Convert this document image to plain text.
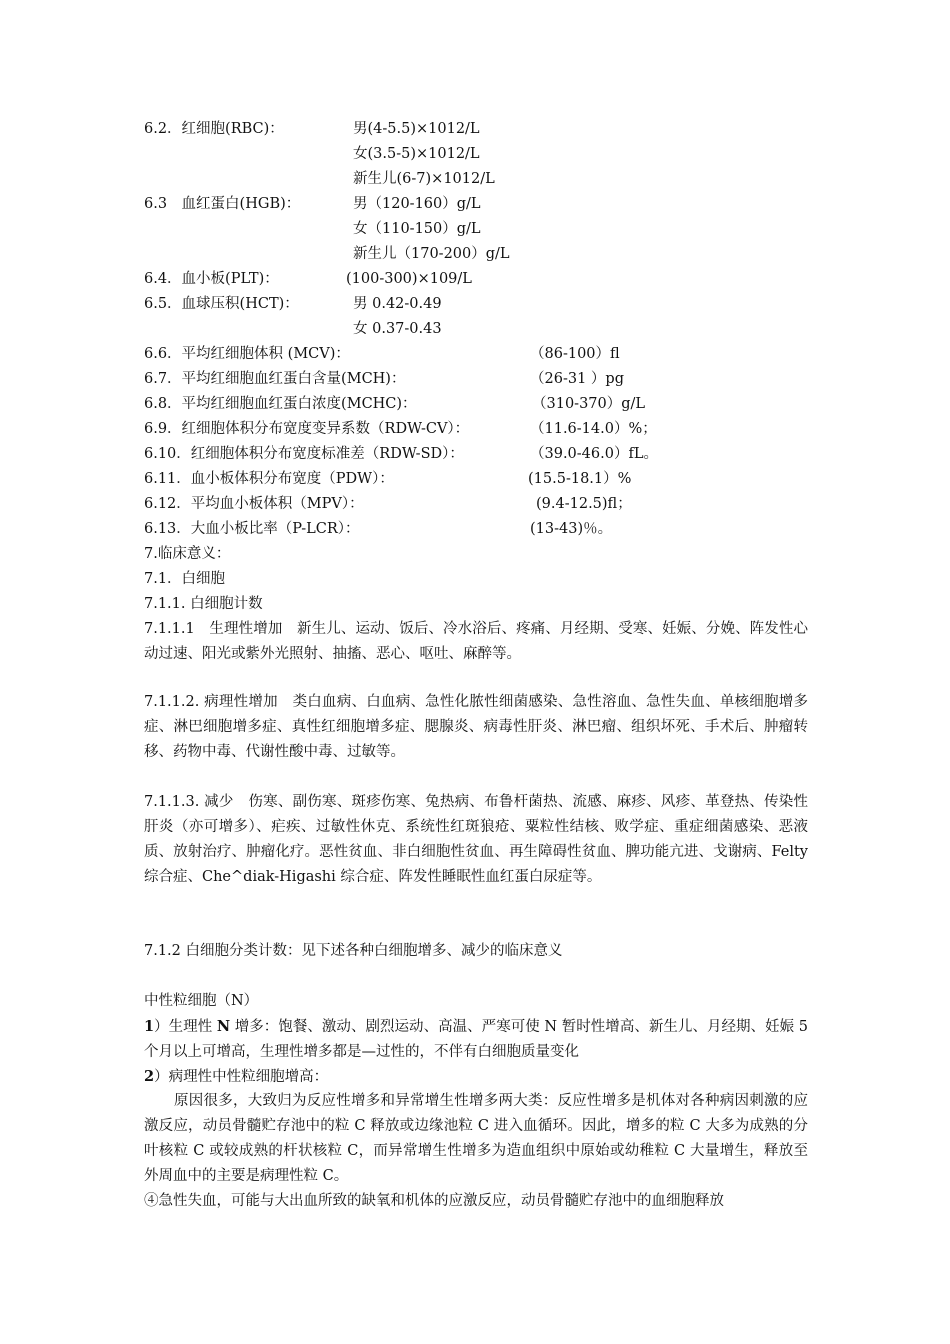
6.2．红细胞(RBC)：	男(4-5.5)×1012/L
女(3.5-5)×1012/L
新生儿(6-7)×1012/L
6.3　血红蛋白(HGB)：	男（120-160）g/L
女（110-150）g/L
新生儿（170-200）g/L
6.4．血小板(PLT)：	(100-300)×109/L
6.5．血球压积(HCT)：	男 0.42-0.49
女 0.37-0.43
6.6．平均红细胞体积 (MCV)：	（86-100）fl
6.7．平均红细胞血红蛋白含量(MCH)：	（26-31 ）pg
6.8．平均红细胞血红蛋白浓度(MCHC)：	（310-370）g/L
6.9．红细胞体积分布宽度变异系数（RDW-CV）：	（11.6-14.0）%；
6.10．红细胞体积分布宽度标准差（RDW-SD）：	（39.0-46.0）fL。
6.11．血小板体积分布宽度（PDW）：	(15.5-18.1）%
6.12．平均血小板体积（MPV）：	(9.4-12.5)fl；
6.13．大血小板比率（P-LCR）：	(13-43)％。
7.临床意义：
7.1．白细胞
7.1.1. 白细胞计数
7.1.1.1　生理性增加　新生儿、运动、饭后、冷水浴后、疼痛、月经期、受寒、妊娠、分娩、阵发性心动过速、阳光或紫外光照射、抽搐、恶心、呕吐、麻醉等。
7.1.1.2. 病理性增加　类白血病、白血病、急性化脓性细菌感染、急性溶血、急性失血、单核细胞增多症、淋巴细胞增多症、真性红细胞增多症、腮腺炎、病毒性肝炎、淋巴瘤、组织坏死、手术后、肿瘤转移、药物中毒、代谢性酸中毒、过敏等。
7.1.1.3. 减少　伤寒、副伤寒、斑疹伤寒、兔热病、布鲁杆菌热、流感、麻疹、风疹、革登热、传染性肝炎（亦可增多）、疟疾、过敏性休克、系统性红斑狼疮、粟粒性结核、败学症、重症细菌感染、恶液质、放射治疗、肿瘤化疗。恶性贫血、非白细胞性贫血、再生障碍性贫血、脾功能亢进、戈谢病、Felty 综合症、Che^diak-Higashi 综合症、阵发性睡眠性血红蛋白尿症等。
7.1.2 白细胞分类计数：见下述各种白细胞增多、减少的临床意义
中性粒细胞（N）
1）生理性 N 增多：饱餐、激动、剧烈运动、高温、严寒可使 N 暂时性增高、新生儿、月经期、妊娠 5 个月以上可增高，生理性增多都是—过性的，不伴有白细胞质量变化
2）病理性中性粒细胞增高：
原因很多，大致归为反应性增多和异常增生性增多两大类：反应性增多是机体对各种病因刺激的应激反应，动员骨髓贮存池中的粒 C 释放或边缘池粒 C 进入血循环。因此，增多的粒 C 大多为成熟的分叶核粒 C 或较成熟的杆状核粒 C，而异常增生性增多为造血组织中原始或幼稚粒 C 大量增生，释放至外周血中的主要是病理性粒 C。
④急性失血，可能与大出血所致的缺氧和机体的应激反应，动员骨髓贮存池中的血细胞释放
